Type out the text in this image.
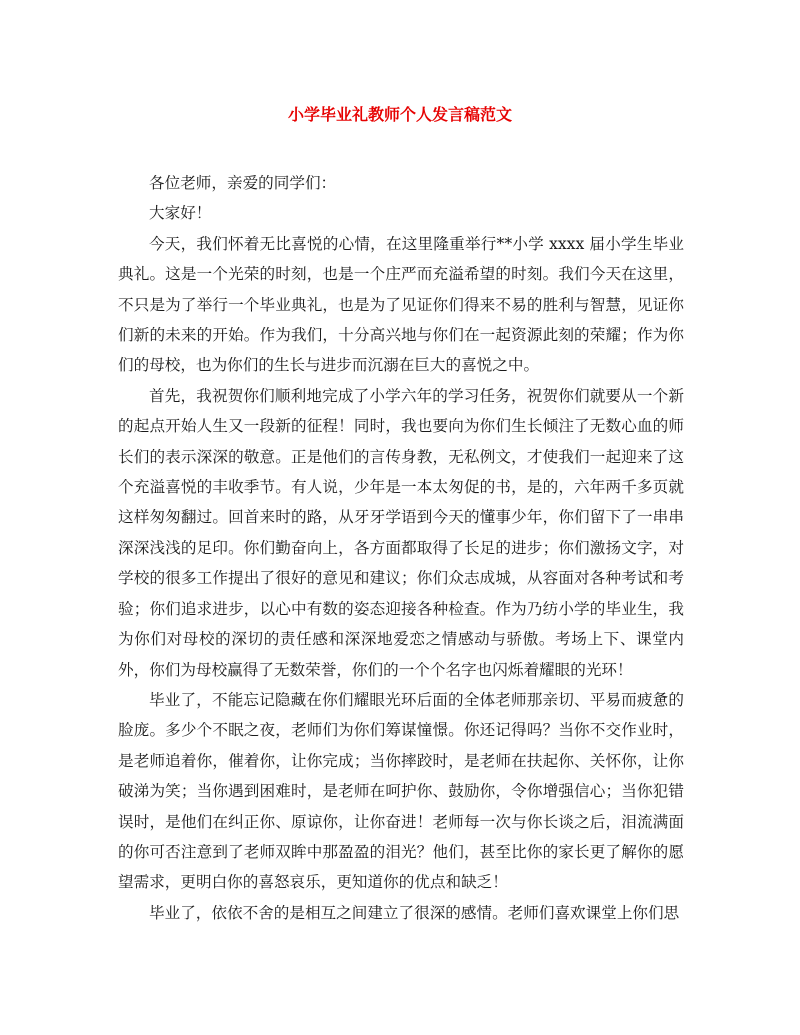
小学毕业礼教师个人发言稿范文

各位老师，亲爱的同学们：

大家好！

今天，我们怀着无比喜悦的心情，在这里隆重举行**小学 xxxx 届小学生毕业典礼。这是一个光荣的时刻，也是一个庄严而充溢希望的时刻。我们今天在这里，不只是为了举行一个毕业典礼，也是为了见证你们得来不易的胜利与智慧，见证你们新的未来的开始。作为我们，十分高兴地与你们在一起资源此刻的荣耀；作为你们的母校，也为你们的生长与进步而沉溺在巨大的喜悦之中。

首先，我祝贺你们顺利地完成了小学六年的学习任务，祝贺你们就要从一个新的起点开始人生又一段新的征程！同时，我也要向为你们生长倾注了无数心血的师长们的表示深深的敬意。正是他们的言传身教，无私例文，才使我们一起迎来了这个充溢喜悦的丰收季节。有人说，少年是一本太匆促的书，是的，六年两千多页就这样匆匆翻过。回首来时的路，从牙牙学语到今天的懂事少年，你们留下了一串串深深浅浅的足印。你们勤奋向上，各方面都取得了长足的进步；你们激扬文字，对学校的很多工作提出了很好的意见和建议；你们众志成城，从容面对各种考试和考验；你们追求进步，以心中有数的姿态迎接各种检查。作为乃纺小学的毕业生，我为你们对母校的深切的责任感和深深地爱恋之情感动与骄傲。考场上下、课堂内外，你们为母校赢得了无数荣誉，你们的一个个名字也闪烁着耀眼的光环！

毕业了，不能忘记隐藏在你们耀眼光环后面的全体老师那亲切、平易而疲惫的脸庞。多少个不眠之夜，老师们为你们筹谋憧憬。你还记得吗？当你不交作业时，是老师追着你，催着你，让你完成；当你摔跤时，是老师在扶起你、关怀你，让你破涕为笑；当你遇到困难时，是老师在呵护你、鼓励你，令你增强信心；当你犯错误时，是他们在纠正你、原谅你，让你奋进！老师每一次与你长谈之后，泪流满面的你可否注意到了老师双眸中那盈盈的泪光？他们，甚至比你的家长更了解你的愿望需求，更明白你的喜怒哀乐，更知道你的优点和缺乏！

毕业了，依依不舍的是相互之间建立了很深的感情。老师们喜欢课堂上你们思
